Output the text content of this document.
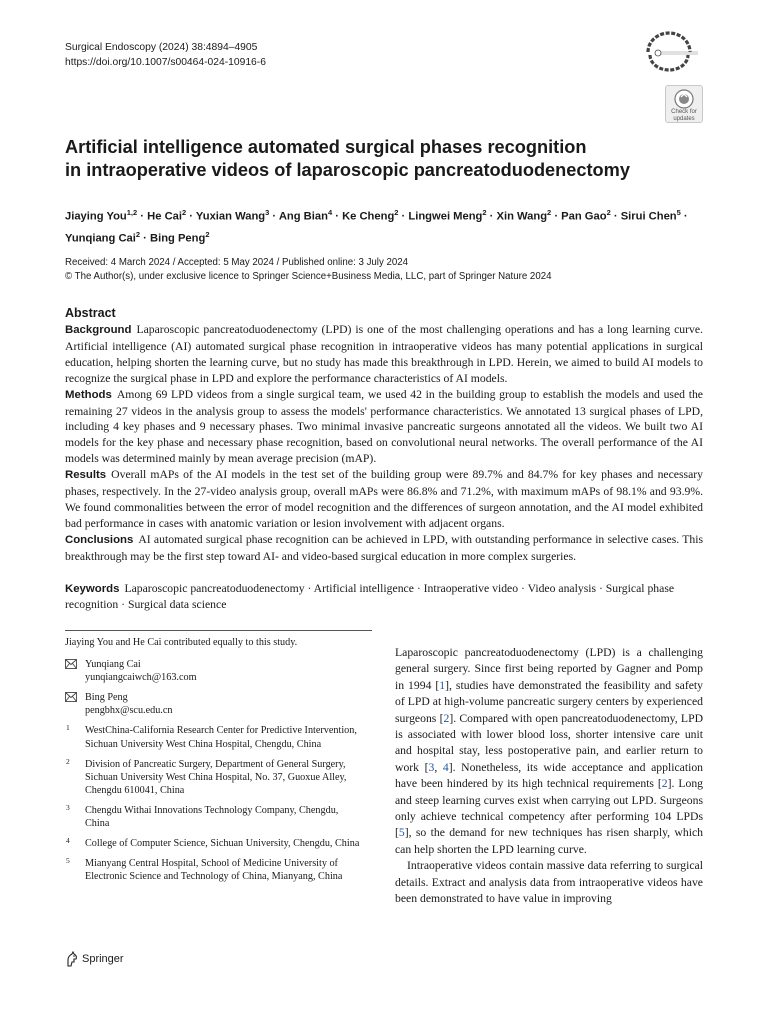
Surgical Endoscopy (2024) 38:4894–4905
https://doi.org/10.1007/s00464-024-10916-6
Check for
updates
Artificial intelligence automated surgical phases recognition
in intraoperative videos of laparoscopic pancreatoduodenectomy
Jiaying You$^{1,2}$ · He Cai$^2$ · Yuxian Wang$^3$ · Ang Bian$^4$ · Ke Cheng$^2$ · Lingwei Meng$^2$ · Xin Wang$^2$ · Pan Gao$^2$ · Sirui Chen$^5$ ·
Yunqiang Cai$^2$ · Bing Peng$^2$
Received: 4 March 2024 / Accepted: 5 May 2024 / Published online: 3 July 2024
© The Author(s), under exclusive licence to Springer Science+Business Media, LLC, part of Springer Nature 2024
Abstract

Background Laparoscopic pancreatoduodenectomy (LPD) is one of the most challenging operations and has a long learning curve. Artificial intelligence (AI) automated surgical phase recognition in intraoperative videos has many potential applications in surgical education, helping shorten the learning curve, but no study has made this breakthrough in LPD. Herein, we aimed to build AI models to recognize the surgical phase in LPD and explore the performance characteristics of AI models.

Methods Among 69 LPD videos from a single surgical team, we used 42 in the building group to establish the models and used the remaining 27 videos in the analysis group to assess the models' performance characteristics. We annotated 13 surgical phases of LPD, including 4 key phases and 9 necessary phases. Two minimal invasive pancreatic surgeons annotated all the videos. We built two AI models for the key phase and necessary phase recognition, based on convolutional neural networks. The overall performance of the AI models was determined mainly by mean average precision (mAP).

Results Overall mAPs of the AI models in the test set of the building group were 89.7% and 84.7% for key phases and necessary phases, respectively. In the 27-video analysis group, overall mAPs were 86.8% and 71.2%, with maximum mAPs of 98.1% and 93.9%. We found commonalities between the error of model recognition and the differences of surgeon annotation, and the AI model exhibited bad performance in cases with anatomic variation or lesion involvement with adjacent organs.

Conclusions AI automated surgical phase recognition can be achieved in LPD, with outstanding performance in selective cases. This breakthrough may be the first step toward AI- and video-based surgical education in more complex surgeries.

Keywords Laparoscopic pancreatoduodenectomy · Artificial intelligence · Intraoperative video · Video analysis · Surgical phase recognition · Surgical data science
Jiaying You and He Cai contributed equally to this study.
Yunqiang Cai
yunqiangcaiwch@163.com
Bing Peng
pengbhx@scu.edu.cn
1 WestChina-California Research Center for Predictive Intervention, Sichuan University West China Hospital, Chengdu, China
2 Division of Pancreatic Surgery, Department of General Surgery, Sichuan University West China Hospital, No. 37, Guoxue Alley, Chengdu 610041, China
3 Chengdu Withai Innovations Technology Company, Chengdu, China
4 College of Computer Science, Sichuan University, Chengdu, China
5 Mianyang Central Hospital, School of Medicine University of Electronic Science and Technology of China, Mianyang, China

Laparoscopic pancreatoduodenectomy (LPD) is a challenging general surgery. Since first being reported by Gagner and Pomp in 1994 [1], studies have demonstrated the feasibility and safety of LPD at high-volume pancreatic surgery centers by experienced surgeons [2]. Compared with open pancreatoduodenectomy, LPD is associated with lower blood loss, shorter intensive care unit and hospital stay, less postoperative pain, and earlier return to work [3, 4]. Nonetheless, its wide acceptance and application have been hindered by its high technical requirements [2]. Long and steep learning curves exist when carrying out LPD. Surgeons only achieve technical competency after performing 104 LPDs [5], so the demand for new techniques has risen sharply, which can help shorten the LPD learning curve.

Intraoperative videos contain massive data referring to surgical details. Extract and analysis data from intraoperative videos have been demonstrated to have value in improving

Springer
